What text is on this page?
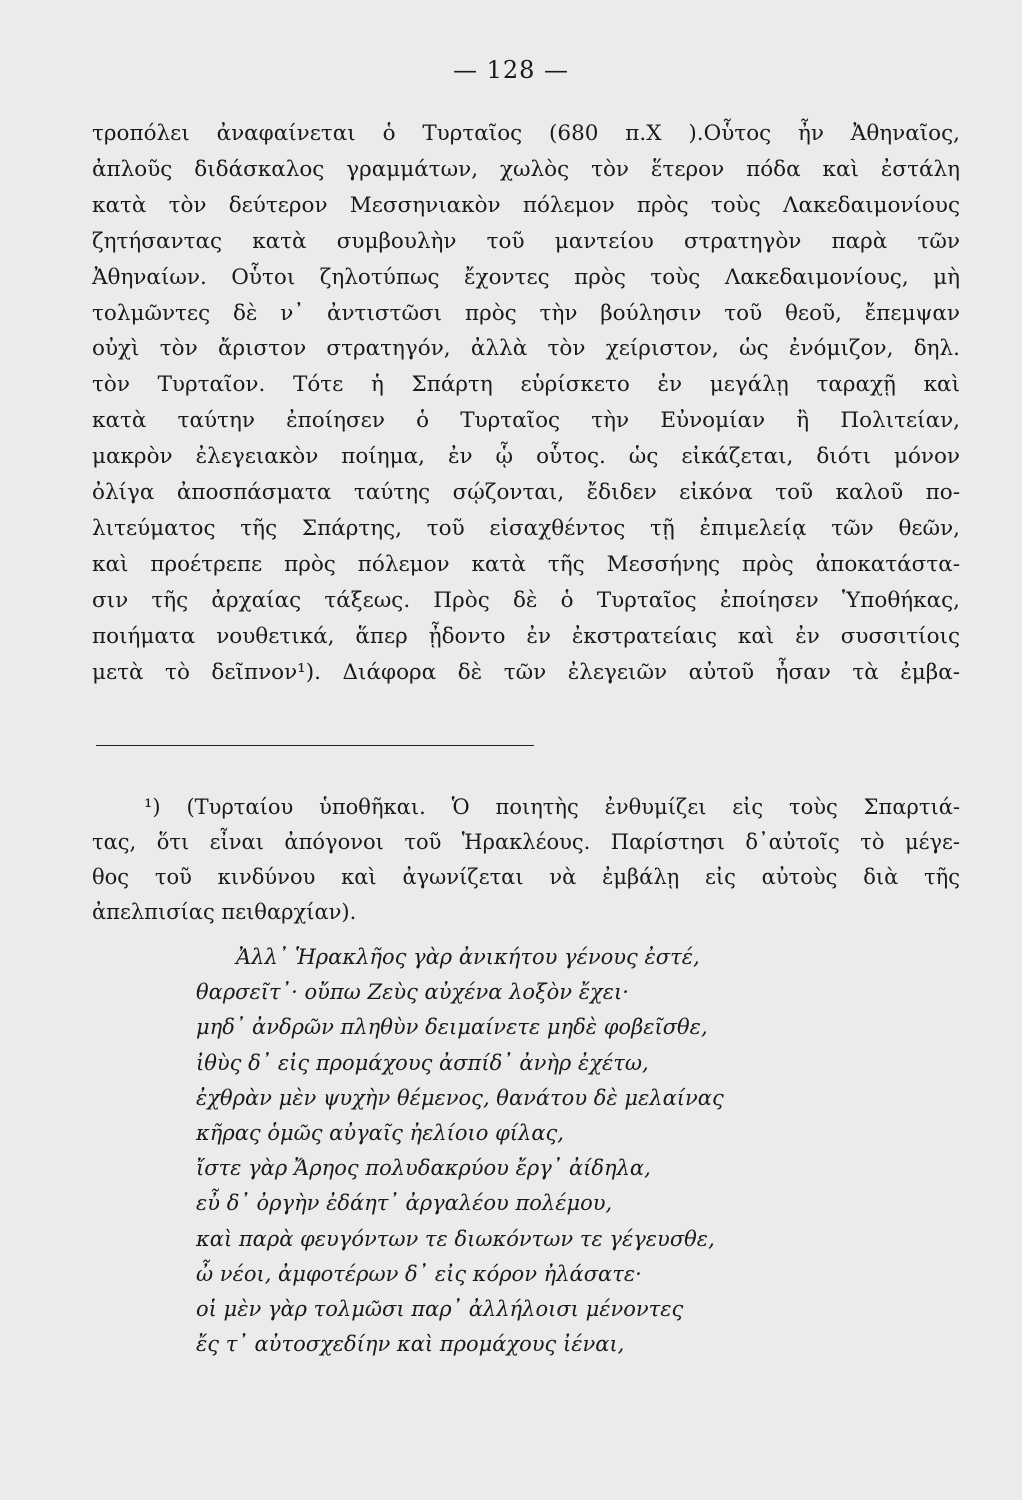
— 128 —
τροπόλει ἀναφαίνεται ὁ Τυρταῖος (680 π.Χ ).Οὗτος ἦν Ἀθηναῖος,
ἀπλοῦς διδάσκαλος γραμμάτων, χωλὸς τὸν ἕτερον πόδα καὶ ἐστάλη
κατὰ τὸν δεύτερον Μεσσηνιακὸν πόλεμον πρὸς τοὺς Λακεδαιμονίους
ζητήσαντας κατὰ συμβουλὴν τοῦ μαντείου στρατηγὸν παρὰ τῶν
Ἀθηναίων. Οὗτοι ζηλοτύπως ἔχοντες πρὸς τοὺς Λακεδαιμονίους, μὴ
τολμῶντες δὲ ν᾽ ἀντιστῶσι πρὸς τὴν βούλησιν τοῦ θεοῦ, ἔπεμψαν
οὐχὶ τὸν ἄριστον στρατηγόν, ἀλλὰ τὸν χείριστον, ὡς ἐνόμιζον, δηλ.
τὸν Τυρταῖον. Τότε ἡ Σπάρτη εὑρίσκετο ἐν μεγάλῃ ταραχῇ καὶ
κατὰ ταύτην ἐποίησεν ὁ Τυρταῖος τὴν Εὐνομίαν ἢ Πολιτείαν,
μακρὸν ἐλεγειακὸν ποίημα, ἐν ᾧ οὗτος. ὡς εἰκάζεται, διότι μόνον
ὀλίγα ἀποσπάσματα ταύτης σῴζονται, ἔδιδεν εἰκόνα τοῦ καλοῦ πο-
λιτεύματος τῆς Σπάρτης, τοῦ εἰσαχθέντος τῇ ἐπιμελείᾳ τῶν θεῶν,
καὶ προέτρεπε πρὸς πόλεμον κατὰ τῆς Μεσσήνης πρὸς ἀποκατάστα-
σιν τῆς ἀρχαίας τάξεως. Πρὸς δὲ ὁ Τυρταῖος ἐποίησεν Ὑποθήκας,
ποιήματα νουθετικά, ἅπερ ᾖδοντο ἐν ἐκστρατείαις καὶ ἐν συσσιτίοις
μετὰ τὸ δεῖπνον¹). Διάφορα δὲ τῶν ἐλεγειῶν αὐτοῦ ἦσαν τὰ ἐμβα-
¹) (Τυρταίου ὑποθῆκαι. Ὁ ποιητὴς ἐνθυμίζει εἰς τοὺς Σπαρτιά-
τας, ὅτι εἶναι ἀπόγονοι τοῦ Ἡρακλέους. Παρίστησι δ᾽αὐτοῖς τὸ μέγε-
θος τοῦ κινδύνου καὶ ἀγωνίζεται νὰ ἐμβάλῃ εἰς αὐτοὺς διὰ τῆς
ἀπελπισίας πειθαρχίαν).
Ἀλλ᾽ Ἡρακλῆος γὰρ ἀνικήτου γένους ἐστέ,
θαρσεῖτ᾽· οὔπω Ζεὺς αὐχένα λοξὸν ἔχει·
μηδ᾽ ἀνδρῶν πληθὺν δειμαίνετε μηδὲ φοβεῖσθε,
ἰθὺς δ᾽ εἰς προμάχους ἀσπίδ᾽ ἀνὴρ ἐχέτω,
ἐχθρὰν μὲν ψυχὴν θέμενος, θανάτου δὲ μελαίνας
κῆρας ὁμῶς αὐγαῖς ἠελίοιο φίλας,
ἴστε γὰρ Ἄρηος πολυδακρύου ἔργ᾽ ἀίδηλα,
εὖ δ᾽ ὀργὴν ἐδάητ᾽ ἀργαλέου πολέμου,
καὶ παρὰ φευγόντων τε διωκόντων τε γέγευσθε,
ὦ νέοι, ἀμφοτέρων δ᾽ εἰς κόρον ἠλάσατε·
οἱ μὲν γὰρ τολμῶσι παρ᾽ ἀλλήλοισι μένοντες
ἔς τ᾽ αὐτοσχεδίην καὶ προμάχους ἰέναι,
